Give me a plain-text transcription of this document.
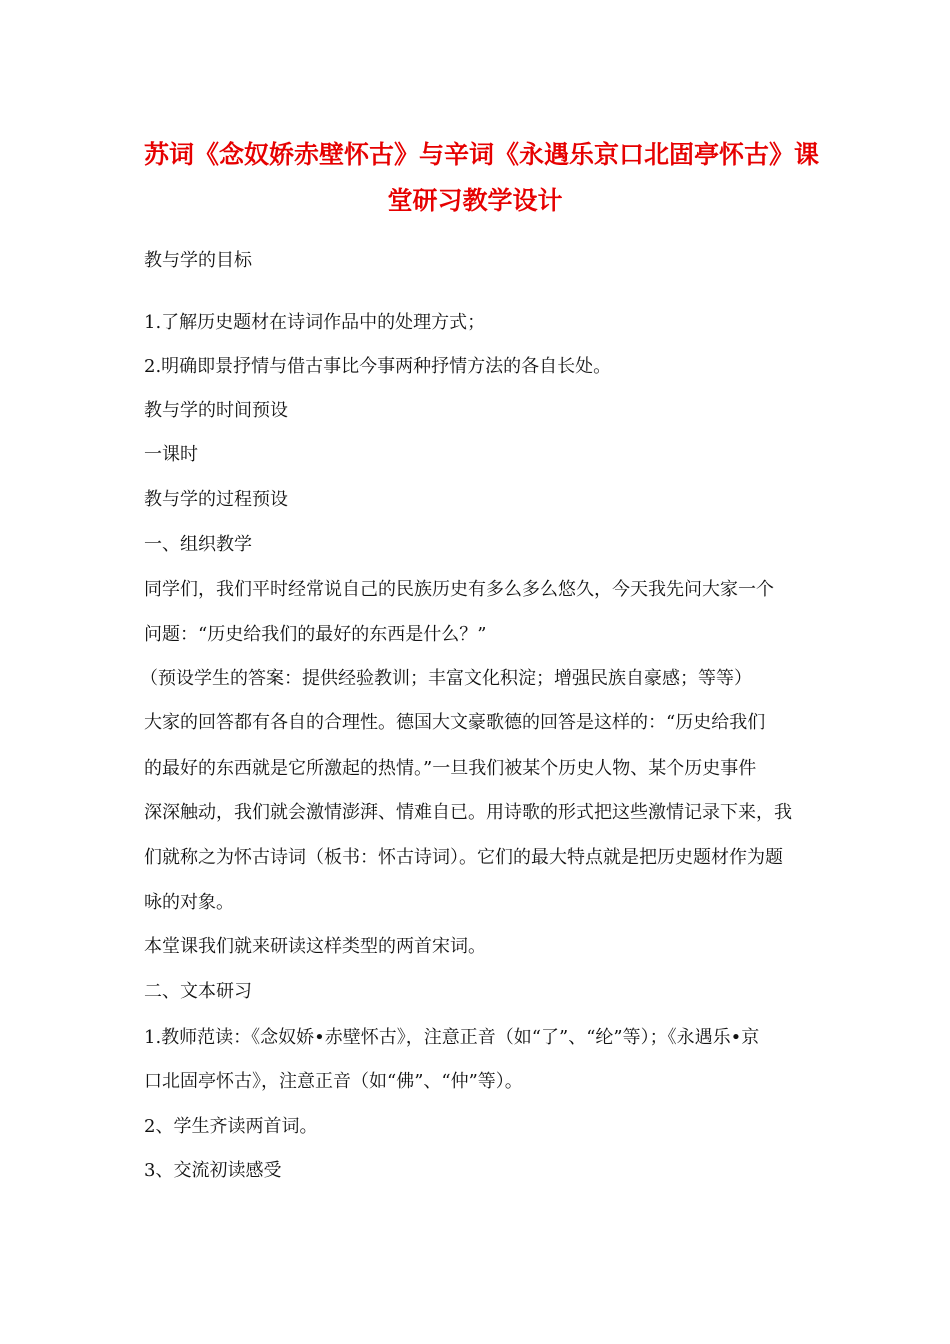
苏词《念奴娇赤壁怀古》与辛词《永遇乐京口北固亭怀古》课
堂研习教学设计
教与学的目标
1.了解历史题材在诗词作品中的处理方式；
2.明确即景抒情与借古事比今事两种抒情方法的各自长处。
教与学的时间预设
一课时
教与学的过程预设
一、组织教学
同学们，我们平时经常说自己的民族历史有多么多么悠久，今天我先问大家一个
问题：“历史给我们的最好的东西是什么？”
（预设学生的答案：提供经验教训；丰富文化积淀；增强民族自豪感；等等）
大家的回答都有各自的合理性。德国大文豪歌德的回答是这样的：“历史给我们
的最好的东西就是它所激起的热情。”一旦我们被某个历史人物、某个历史事件
深深触动，我们就会激情澎湃、情难自已。用诗歌的形式把这些激情记录下来，我
们就称之为怀古诗词（板书：怀古诗词）。它们的最大特点就是把历史题材作为题
咏的对象。
本堂课我们就来研读这样类型的两首宋词。
二、文本研习
1.教师范读：《念奴娇•赤壁怀古》，注意正音（如“了”、“纶”等）；《永遇乐•京
口北固亭怀古》，注意正音（如“佛”、“仲”等）。
2、学生齐读两首词。
3、交流初读感受
